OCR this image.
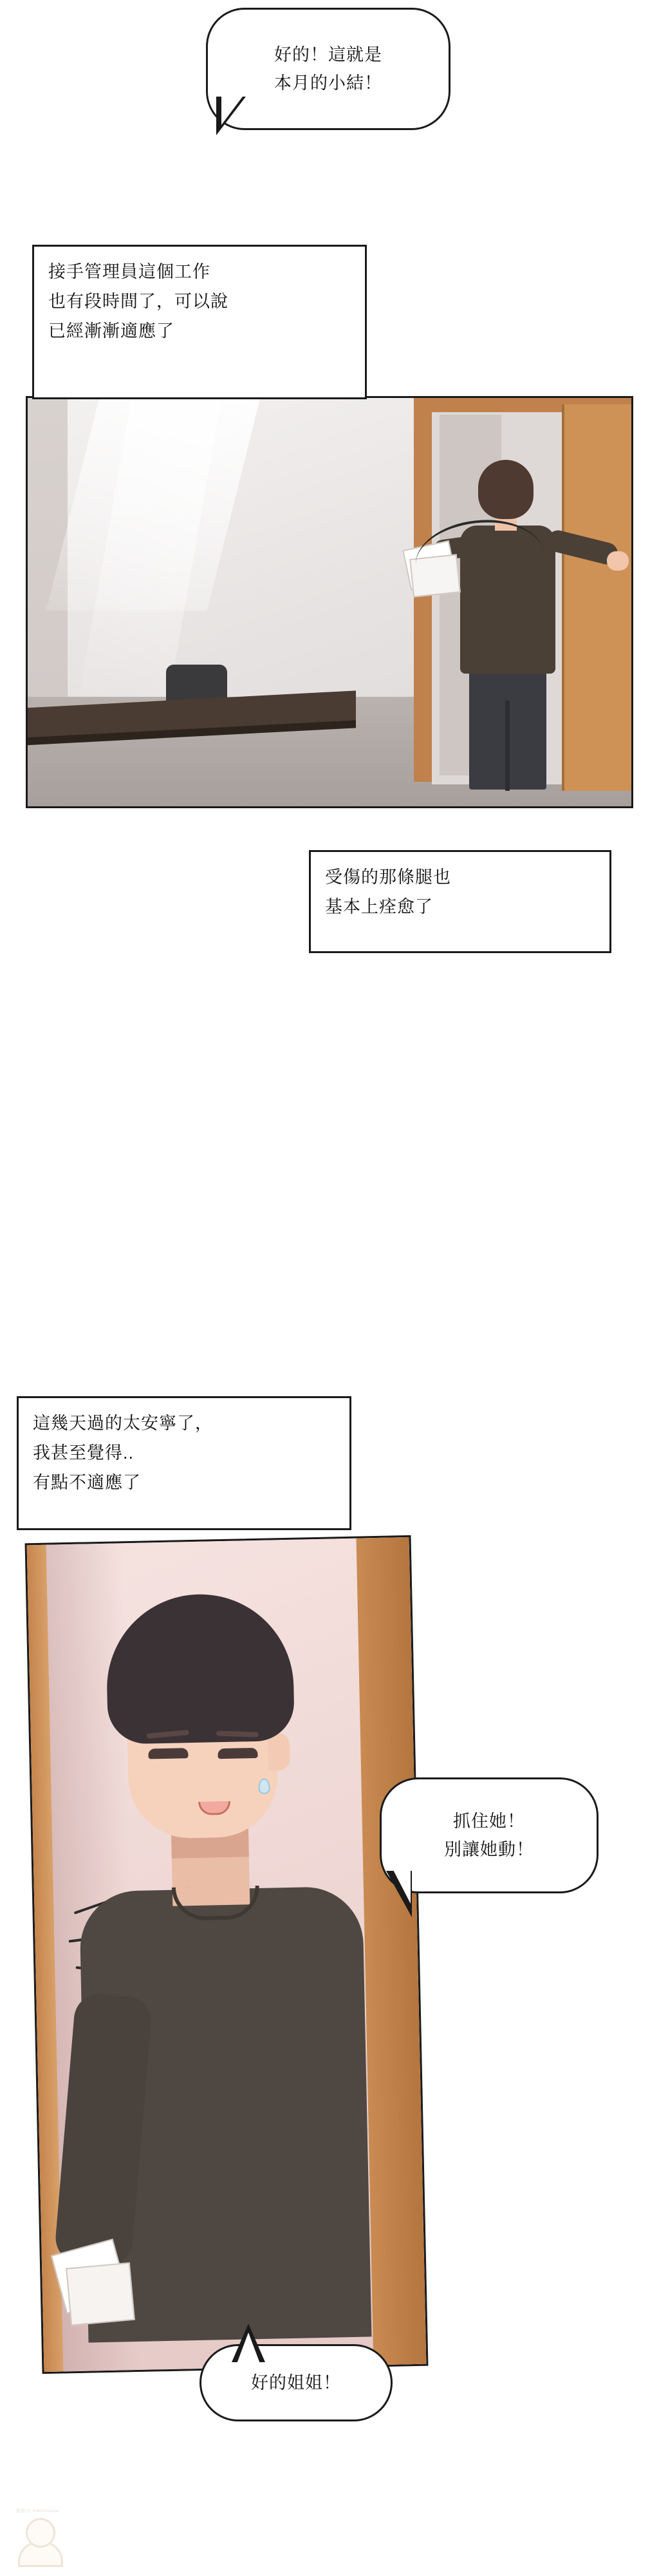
好的！這就是
本月的小結！
接手管理員這個工作
也有段時間了，可以說
已經漸漸適應了
受傷的那條腿也
基本上痊愈了
這幾天過的太安寧了，
我甚至覺得..
有點不適應了
抓住她！
別讓她動！
好的姐姐！
漫画台 manhuatai
